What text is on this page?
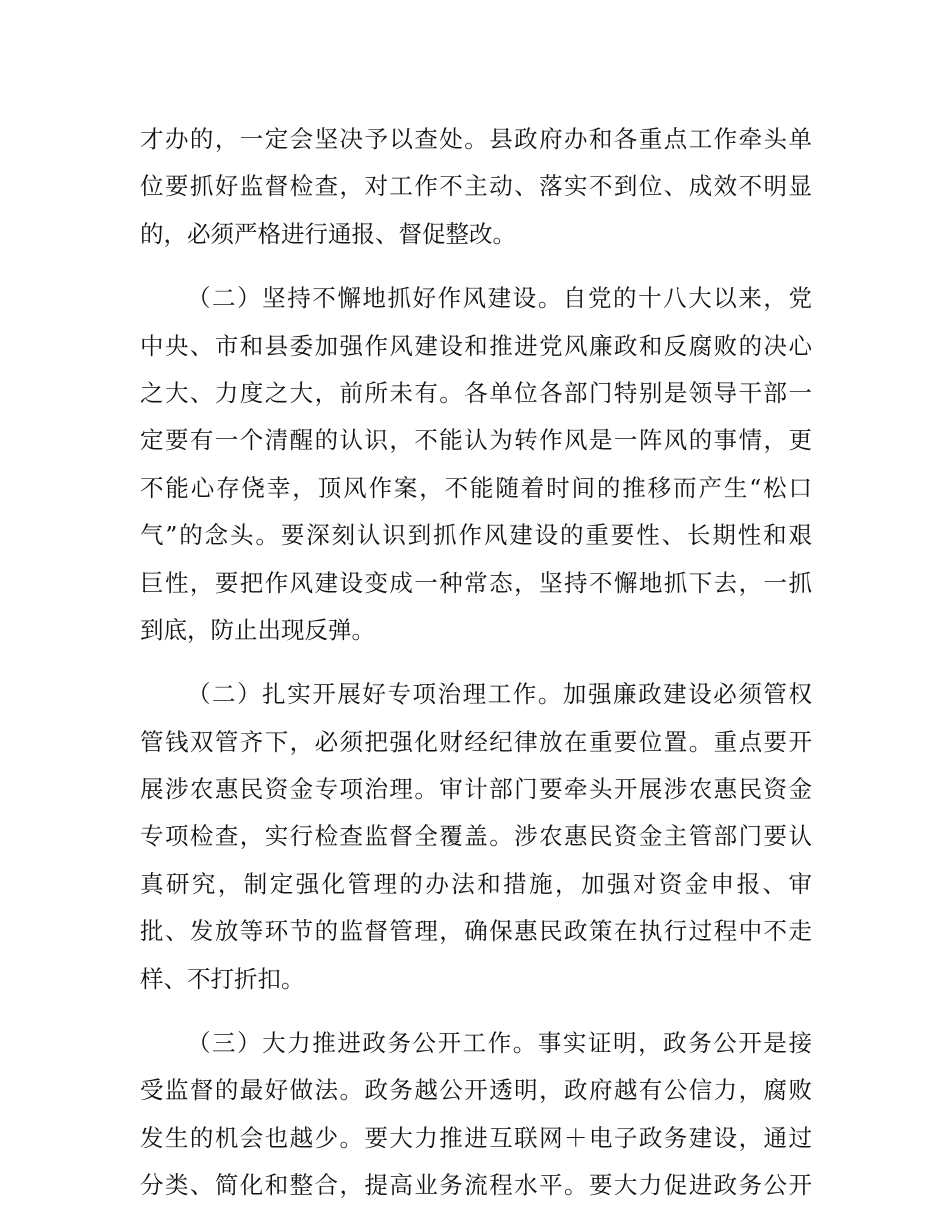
才办的，一定会坚决予以查处。县政府办和各重点工作牵头单
位要抓好监督检查，对工作不主动、落实不到位、成效不明显
的，必须严格进行通报、督促整改。
（二）坚持不懈地抓好作风建设。自党的十八大以来，党
中央、市和县委加强作风建设和推进党风廉政和反腐败的决心
之大、力度之大，前所未有。各单位各部门特别是领导干部一
定要有一个清醒的认识，不能认为转作风是一阵风的事情，更
不能心存侥幸，顶风作案，不能随着时间的推移而产生“松口
气”的念头。要深刻认识到抓作风建设的重要性、长期性和艰
巨性，要把作风建设变成一种常态，坚持不懈地抓下去，一抓
到底，防止出现反弹。
（二）扎实开展好专项治理工作。加强廉政建设必须管权
管钱双管齐下，必须把强化财经纪律放在重要位置。重点要开
展涉农惠民资金专项治理。审计部门要牵头开展涉农惠民资金
专项检查，实行检查监督全覆盖。涉农惠民资金主管部门要认
真研究，制定强化管理的办法和措施，加强对资金申报、审
批、发放等环节的监督管理，确保惠民政策在执行过程中不走
样、不打折扣。
（三）大力推进政务公开工作。事实证明，政务公开是接
受监督的最好做法。政务越公开透明，政府越有公信力，腐败
发生的机会也越少。要大力推进互联网＋电子政务建设，通过
分类、简化和整合，提高业务流程水平。要大力促进政务公开
